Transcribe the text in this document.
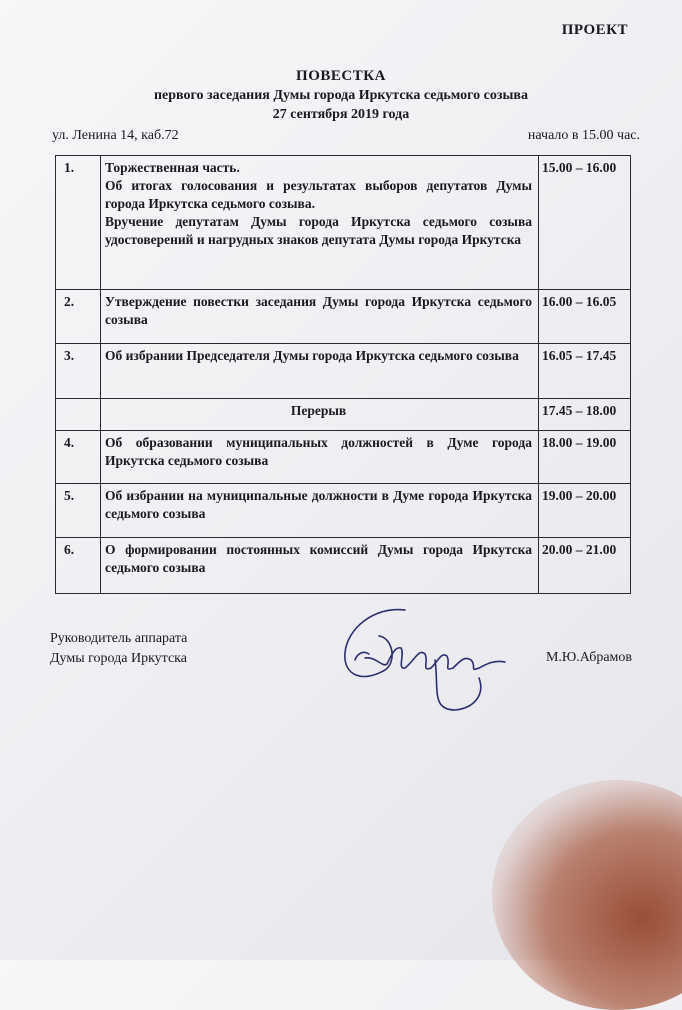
ПРОЕКТ
ПОВЕСТКА
первого заседания Думы города Иркутска седьмого созыва
27 сентября 2019 года
ул. Ленина 14, каб.72	начало в 15.00 час.
1.	Торжественная часть.
Об итогах голосования и результатах выборов депутатов Думы города Иркутска седьмого созыва.
Вручение депутатам Думы города Иркутска седьмого созыва удостоверений и нагрудных знаков депутата Думы города Иркутска	15.00 – 16.00
2.	Утверждение повестки заседания Думы города Иркутска седьмого созыва	16.00 – 16.05
3.	Об избрании Председателя Думы города Иркутска седьмого созыва	16.05 – 17.45
	Перерыв	17.45 – 18.00
4.	Об образовании муниципальных должностей в Думе города Иркутска седьмого созыва	18.00 – 19.00
5.	Об избрании на муниципальные должности в Думе города Иркутска седьмого созыва	19.00 – 20.00
6.	О формировании постоянных комиссий Думы города Иркутска седьмого созыва	20.00 – 21.00
Руководитель аппарата
Думы города Иркутска	М.Ю.Абрамов
